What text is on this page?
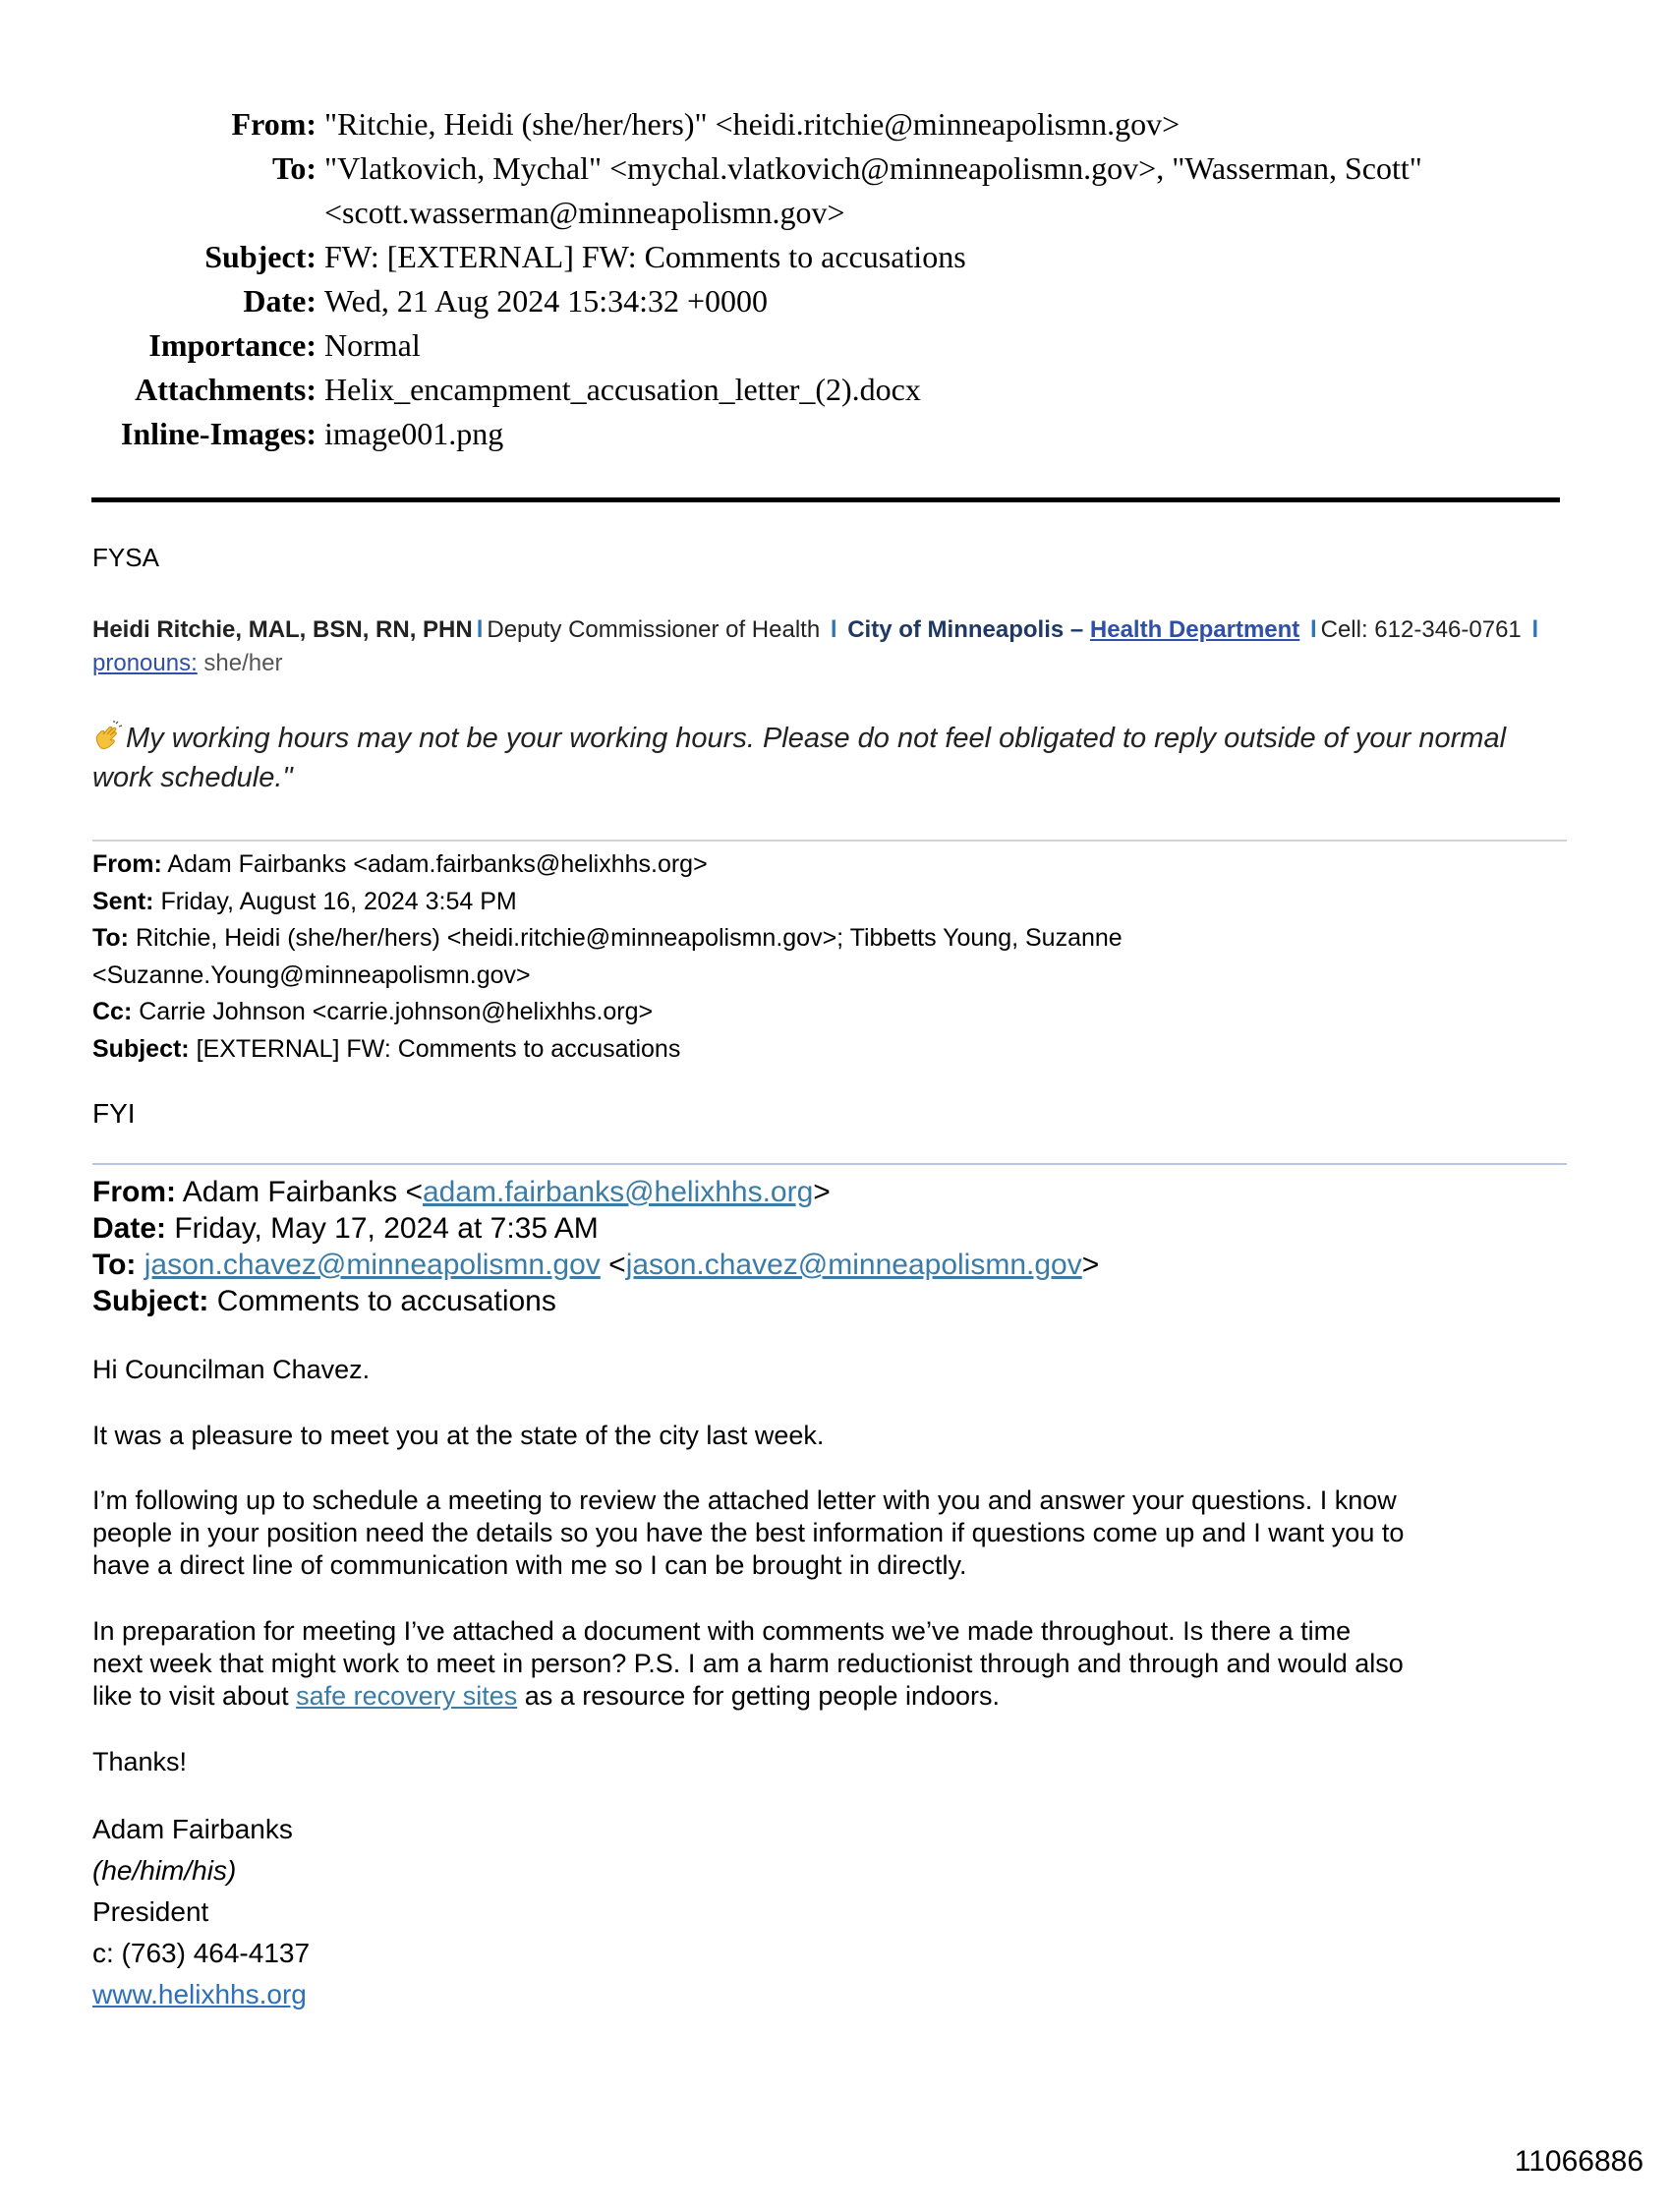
From: "Ritchie, Heidi (she/her/hers)" <heidi.ritchie@minneapolismn.gov>
To: "Vlatkovich, Mychal" <mychal.vlatkovich@minneapolismn.gov>, "Wasserman, Scott"
<scott.wasserman@minneapolismn.gov>
Subject: FW: [EXTERNAL] FW: Comments to accusations
Date: Wed, 21 Aug 2024 15:34:32 +0000
Importance: Normal
Attachments: Helix_encampment_accusation_letter_(2).docx
Inline-Images: image001.png
FYSA
Heidi Ritchie, MAL, BSN, RN, PHN l Deputy Commissioner of Health l City of Minneapolis – Health Department l Cell: 612-346-0761 l
pronouns: she/her
My working hours may not be your working hours. Please do not feel obligated to reply outside of your normal
work schedule."
From: Adam Fairbanks <adam.fairbanks@helixhhs.org>
Sent: Friday, August 16, 2024 3:54 PM
To: Ritchie, Heidi (she/her/hers) <heidi.ritchie@minneapolismn.gov>; Tibbetts Young, Suzanne
<Suzanne.Young@minneapolismn.gov>
Cc: Carrie Johnson <carrie.johnson@helixhhs.org>
Subject: [EXTERNAL] FW: Comments to accusations
FYI
From: Adam Fairbanks <adam.fairbanks@helixhhs.org>
Date: Friday, May 17, 2024 at 7:35 AM
To: jason.chavez@minneapolismn.gov <jason.chavez@minneapolismn.gov>
Subject: Comments to accusations
Hi Councilman Chavez.
It was a pleasure to meet you at the state of the city last week.
I’m following up to schedule a meeting to review the attached letter with you and answer your questions. I know
people in your position need the details so you have the best information if questions come up and I want you to
have a direct line of communication with me so I can be brought in directly.
In preparation for meeting I’ve attached a document with comments we’ve made throughout. Is there a time
next week that might work to meet in person? P.S. I am a harm reductionist through and through and would also
like to visit about safe recovery sites as a resource for getting people indoors.
Thanks!
Adam Fairbanks
(he/him/his)
President
c: (763) 464-4137
www.helixhhs.org
11066886
